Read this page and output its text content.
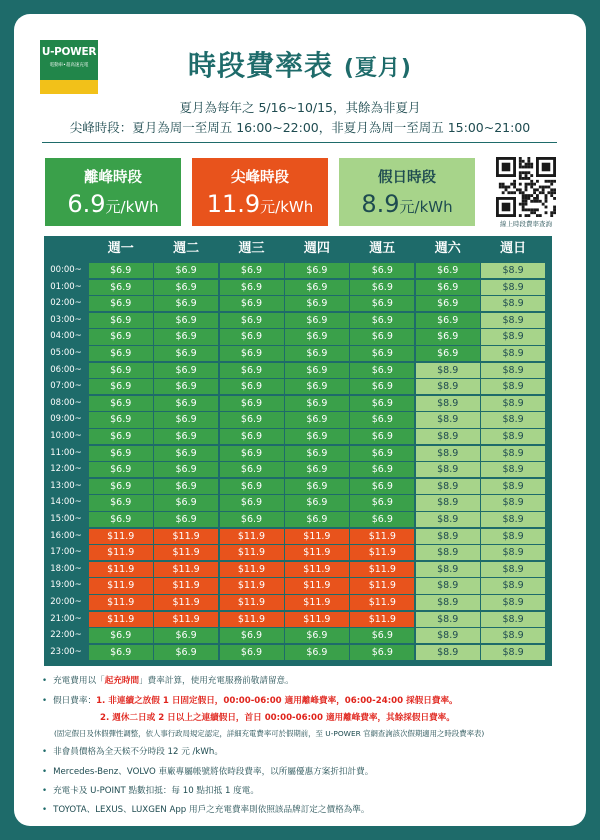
U-POWER
電動車•超高速充電	時段費率表 (夏月)
夏月為每年之 5/16~10/15，其餘為非夏月
尖峰時段：夏月為周一至周五 16:00~22:00，非夏月為周一至周五 15:00~21:00
離峰時段
6.9元/kWh
尖峰時段
11.9元/kWh
假日時段
8.9元/kWh
線上時段費率查詢
週一	週二	週三	週四	週五	週六	週日
00:00~	$6.9	$6.9	$6.9	$6.9	$6.9	$6.9	$8.9
01:00~	$6.9	$6.9	$6.9	$6.9	$6.9	$6.9	$8.9
02:00~	$6.9	$6.9	$6.9	$6.9	$6.9	$6.9	$8.9
03:00~	$6.9	$6.9	$6.9	$6.9	$6.9	$6.9	$8.9
04:00~	$6.9	$6.9	$6.9	$6.9	$6.9	$6.9	$8.9
05:00~	$6.9	$6.9	$6.9	$6.9	$6.9	$6.9	$8.9
06:00~	$6.9	$6.9	$6.9	$6.9	$6.9	$8.9	$8.9
07:00~	$6.9	$6.9	$6.9	$6.9	$6.9	$8.9	$8.9
08:00~	$6.9	$6.9	$6.9	$6.9	$6.9	$8.9	$8.9
09:00~	$6.9	$6.9	$6.9	$6.9	$6.9	$8.9	$8.9
10:00~	$6.9	$6.9	$6.9	$6.9	$6.9	$8.9	$8.9
11:00~	$6.9	$6.9	$6.9	$6.9	$6.9	$8.9	$8.9
12:00~	$6.9	$6.9	$6.9	$6.9	$6.9	$8.9	$8.9
13:00~	$6.9	$6.9	$6.9	$6.9	$6.9	$8.9	$8.9
14:00~	$6.9	$6.9	$6.9	$6.9	$6.9	$8.9	$8.9
15:00~	$6.9	$6.9	$6.9	$6.9	$6.9	$8.9	$8.9
16:00~	$11.9	$11.9	$11.9	$11.9	$11.9	$8.9	$8.9
17:00~	$11.9	$11.9	$11.9	$11.9	$11.9	$8.9	$8.9
18:00~	$11.9	$11.9	$11.9	$11.9	$11.9	$8.9	$8.9
19:00~	$11.9	$11.9	$11.9	$11.9	$11.9	$8.9	$8.9
20:00~	$11.9	$11.9	$11.9	$11.9	$11.9	$8.9	$8.9
21:00~	$11.9	$11.9	$11.9	$11.9	$11.9	$8.9	$8.9
22:00~	$6.9	$6.9	$6.9	$6.9	$6.9	$8.9	$8.9
23:00~	$6.9	$6.9	$6.9	$6.9	$6.9	$8.9	$8.9
• 充電費用以「起充時間」費率計算，使用充電服務前敬請留意。
• 假日費率：1. 非連續之放假 1 日固定假日，00:00-06:00 適用離峰費率，06:00-24:00 採假日費率。
2. 週休二日或 2 日以上之連續假日，首日 00:00-06:00 適用離峰費率，其餘採假日費率。
(固定假日及休假彈性調整，依人事行政局規定認定，詳細充電費率可於假期前，至 U-POWER 官網查詢該次假期適用之時段費率表)
• 非會員價格為全天候不分時段 12 元 /kWh。
• Mercedes-Benz、VOLVO 車廠專屬帳號將依時段費率，以所屬優惠方案折扣計費。
• 充電卡及 U-POINT 點數扣抵：每 10 點扣抵 1 度電。
• TOYOTA、LEXUS、LUXGEN App 用戶之充電費率則依照該品牌訂定之價格為準。
